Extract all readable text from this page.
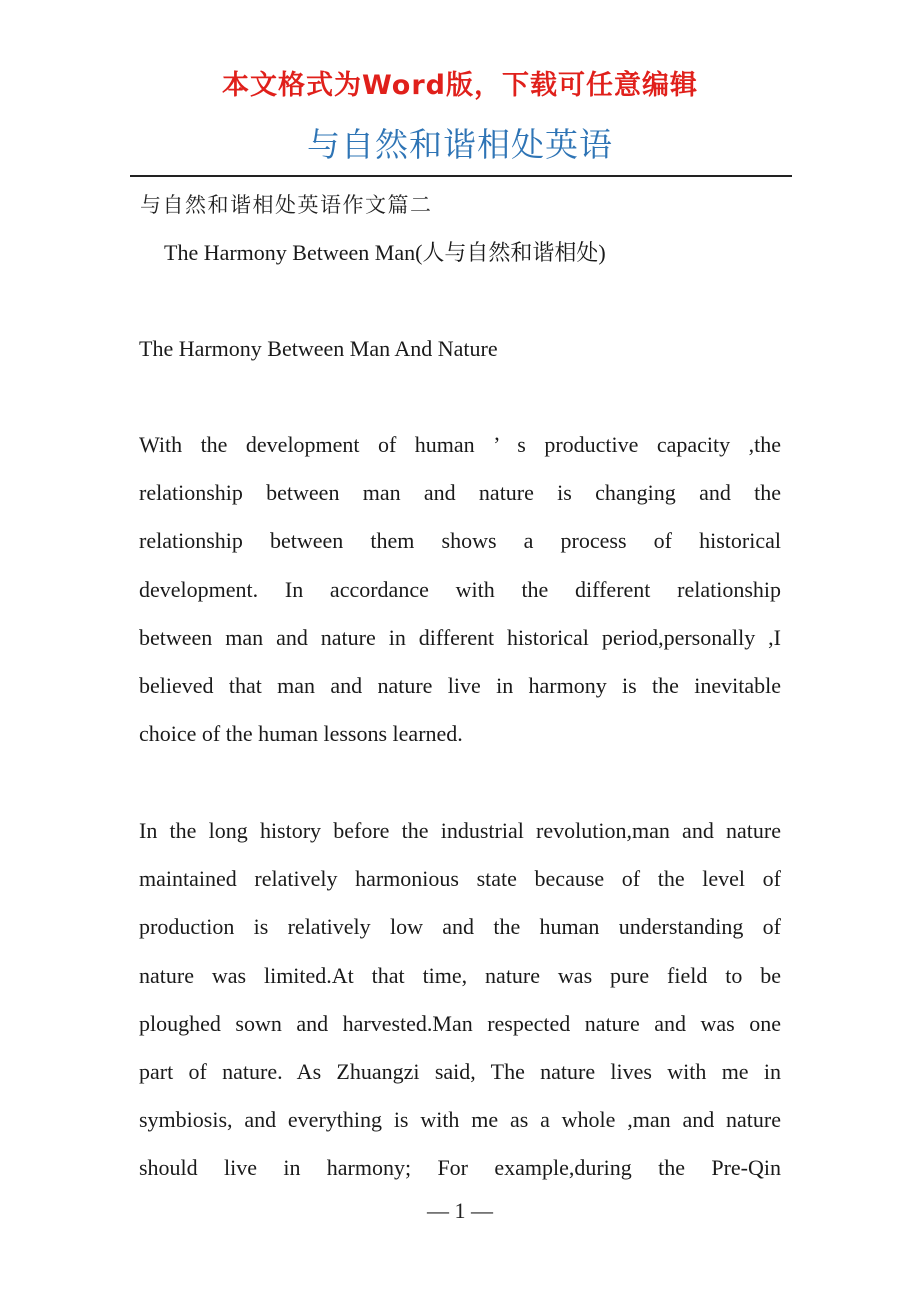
本文格式为Word版，下载可任意编辑
与自然和谐相处英语
与自然和谐相处英语作文篇二
The Harmony Between Man(人与自然和谐相处)
The Harmony Between Man And Nature
With the development of human ’ s productive capacity ,the
relationship between man and nature is changing and the
relationship between them shows a process of historical
development. In accordance with the different relationship
between man and nature in different historical period,personally ,I
believed that man and nature live in harmony is the inevitable
choice of the human lessons learned.
In the long history before the industrial revolution,man and nature
maintained relatively harmonious state because of the level of
production is relatively low and the human understanding of
nature was limited.At that time, nature was pure field to be
ploughed sown and harvested.Man respected nature and was one
part of nature. As Zhuangzi said, The nature lives with me in
symbiosis, and everything is with me as a whole ,man and nature
should live in harmony; For example,during the Pre-Qin
— 1 —
